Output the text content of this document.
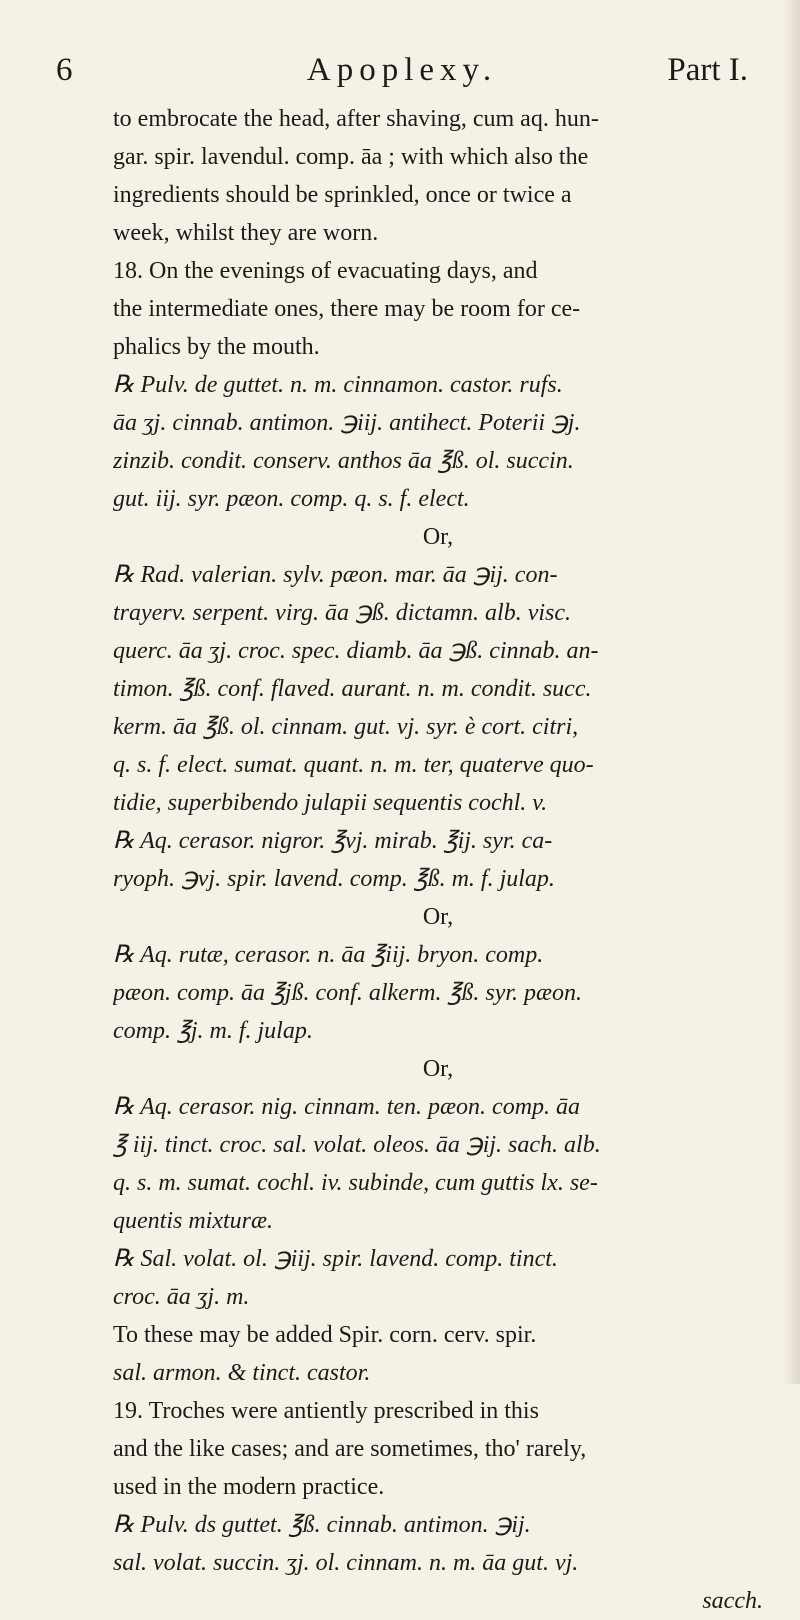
6	Apoplexy.	Part I.
to embrocate the head, after shaving, cum aq. hun-
gar. spir. lavendul. comp. āa ; with which also the
ingredients should be sprinkled, once or twice a
week, whilst they are worn.
18. On the evenings of evacuating days, and
the intermediate ones, there may be room for ce-
phalics by the mouth.
℞ Pulv. de guttet. n. m. cinnamon. castor. rufs.
āa ʒj. cinnab. antimon. ℈iij. antihect. Poterii ℈j.
zinzib. condit. conserv. anthos āa ℥ß. ol. succin.
gut. iij. syr. pæon. comp. q. s. f. elect.
Or,
℞ Rad. valerian. sylv. pæon. mar. āa ℈ij. con-
trayerv. serpent. virg. āa ℈ß. dictamn. alb. visc.
querc. āa ʒj. croc. spec. diamb. āa ℈ß. cinnab. an-
timon. ℥ß. conf. flaved. aurant. n. m. condit. succ.
kerm. āa ℥ß. ol. cinnam. gut. vj. syr. è cort. citri,
q. s. f. elect. sumat. quant. n. m. ter, quaterve quo-
tidie, superbibendo julapii sequentis cochl. v.
℞ Aq. cerasor. nigror. ℥vj. mirab. ℥ij. syr. ca-
ryoph. ℈vj. spir. lavend. comp. ℥ß. m. f. julap.
Or,
℞ Aq. rutæ, cerasor. n. āa ℥iij. bryon. comp.
pæon. comp. āa ℥jß. conf. alkerm. ℥ß. syr. pæon.
comp. ℥j. m. f. julap.
Or,
℞ Aq. cerasor. nig. cinnam. ten. pæon. comp. āa
℥ iij. tinct. croc. sal. volat. oleos. āa ℈ij. sach. alb.
q. s. m. sumat. cochl. iv. subinde, cum guttis lx. se-
quentis mixturæ.
℞ Sal. volat. ol. ℈iij. spir. lavend. comp. tinct.
croc. āa ʒj. m.
To these may be added Spir. corn. cerv. spir.
sal. armon. & tinct. castor.
19. Troches were antiently prescribed in this
and the like cases; and are sometimes, tho' rarely,
used in the modern practice.
℞ Pulv. ds guttet. ℥ß. cinnab. antimon. ℈ij.
sal. volat. succin. ʒj. ol. cinnam. n. m. āa gut. vj.
sacch.
